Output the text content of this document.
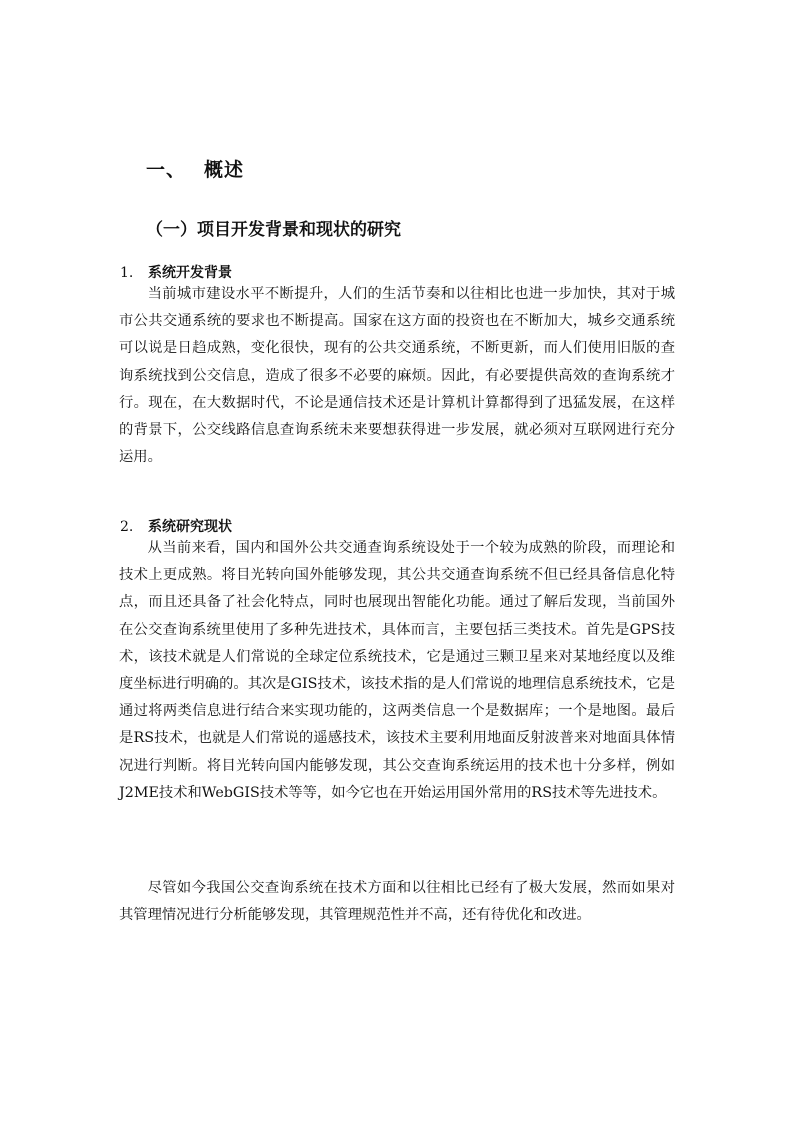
一、 概述
（一）项目开发背景和现状的研究
1. 系统开发背景

当前城市建设水平不断提升，人们的生活节奏和以往相比也进一步加快，其对于城市公共交通系统的要求也不断提高。国家在这方面的投资也在不断加大，城乡交通系统可以说是日趋成熟，变化很快，现有的公共交通系统，不断更新，而人们使用旧版的查询系统找到公交信息，造成了很多不必要的麻烦。因此，有必要提供高效的查询系统才行。现在，在大数据时代，不论是通信技术还是计算机计算都得到了迅猛发展，在这样的背景下，公交线路信息查询系统未来要想获得进一步发展，就必须对互联网进行充分运用。

2. 系统研究现状

从当前来看，国内和国外公共交通查询系统设处于一个较为成熟的阶段，而理论和技术上更成熟。将目光转向国外能够发现，其公共交通查询系统不但已经具备信息化特点，而且还具备了社会化特点，同时也展现出智能化功能。通过了解后发现，当前国外在公交查询系统里使用了多种先进技术，具体而言，主要包括三类技术。首先是GPS技术，该技术就是人们常说的全球定位系统技术，它是通过三颗卫星来对某地经度以及维度坐标进行明确的。其次是GIS技术，该技术指的是人们常说的地理信息系统技术，它是通过将两类信息进行结合来实现功能的，这两类信息一个是数据库；一个是地图。最后是RS技术，也就是人们常说的遥感技术，该技术主要利用地面反射波普来对地面具体情况进行判断。将目光转向国内能够发现，其公交查询系统运用的技术也十分多样，例如J2ME技术和WebGIS技术等等，如今它也在开始运用国外常用的RS技术等先进技术。

尽管如今我国公交查询系统在技术方面和以往相比已经有了极大发展，然而如果对其管理情况进行分析能够发现，其管理规范性并不高，还有待优化和改进。
